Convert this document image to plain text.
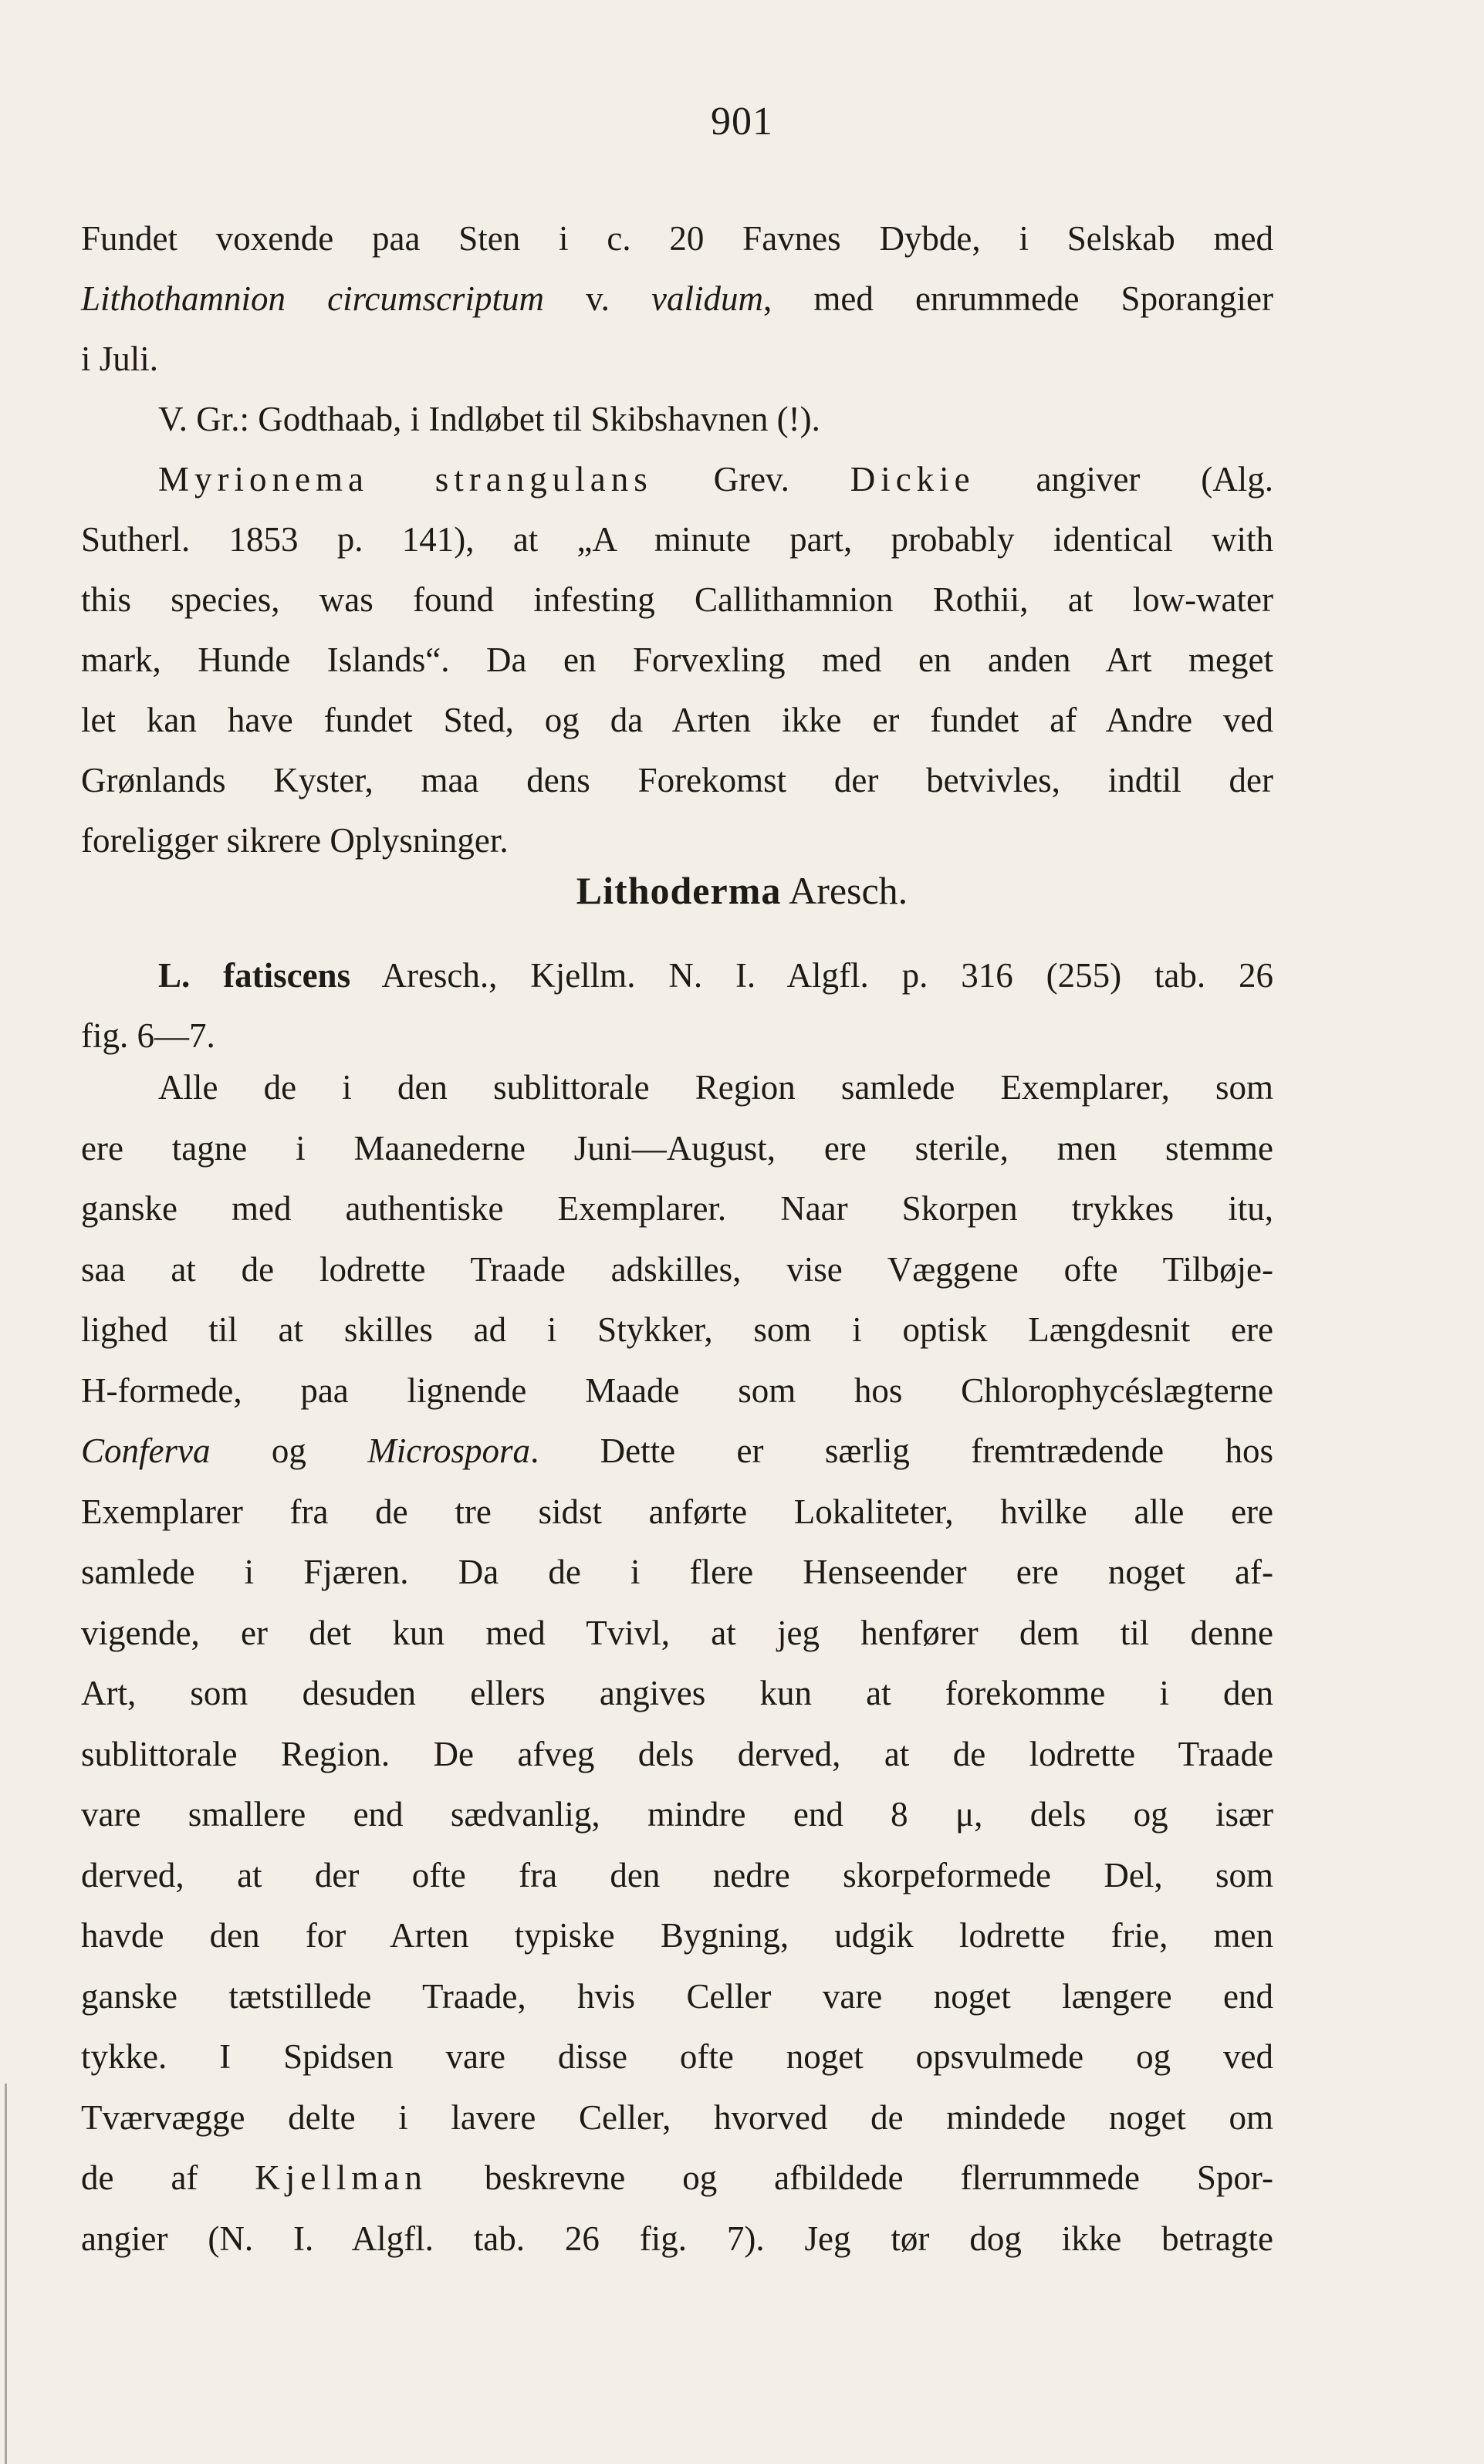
901
Fundet voxende paa Sten i c. 20 Favnes Dybde, i Selskab med
Lithothamnion circumscriptum v. validum, med enrummede Sporangier
i Juli.
V. Gr.: Godthaab, i Indløbet til Skibshavnen (!).
Myrionema strangulans Grev. Dickie angiver (Alg.
Sutherl. 1853 p. 141), at „A minute part, probably identical with
this species, was found infesting Callithamnion Rothii, at low-water
mark, Hunde Islands“. Da en Forvexling med en anden Art meget
let kan have fundet Sted, og da Arten ikke er fundet af Andre ved
Grønlands Kyster, maa dens Forekomst der betvivles, indtil der
foreligger sikrere Oplysninger.
Lithoderma Aresch.
L. fatiscens Aresch., Kjellm. N. I. Algfl. p. 316 (255) tab. 26
fig. 6—7.
Alle de i den sublittorale Region samlede Exemplarer, som
ere tagne i Maanederne Juni—August, ere sterile, men stemme
ganske med authentiske Exemplarer. Naar Skorpen trykkes itu,
saa at de lodrette Traade adskilles, vise Væggene ofte Tilbøje-
lighed til at skilles ad i Stykker, som i optisk Længdesnit ere
H-formede, paa lignende Maade som hos Chlorophycéslægterne
Conferva og Microspora. Dette er særlig fremtrædende hos
Exemplarer fra de tre sidst anførte Lokaliteter, hvilke alle ere
samlede i Fjæren. Da de i flere Henseender ere noget af-
vigende, er det kun med Tvivl, at jeg henfører dem til denne
Art, som desuden ellers angives kun at forekomme i den
sublittorale Region. De afveg dels derved, at de lodrette Traade
vare smallere end sædvanlig, mindre end 8 μ, dels og især
derved, at der ofte fra den nedre skorpeformede Del, som
havde den for Arten typiske Bygning, udgik lodrette frie, men
ganske tætstillede Traade, hvis Celler vare noget længere end
tykke. I Spidsen vare disse ofte noget opsvulmede og ved
Tværvægge delte i lavere Celler, hvorved de mindede noget om
de af Kjellman beskrevne og afbildede flerrummede Spor-
angier (N. I. Algfl. tab. 26 fig. 7). Jeg tør dog ikke betragte
